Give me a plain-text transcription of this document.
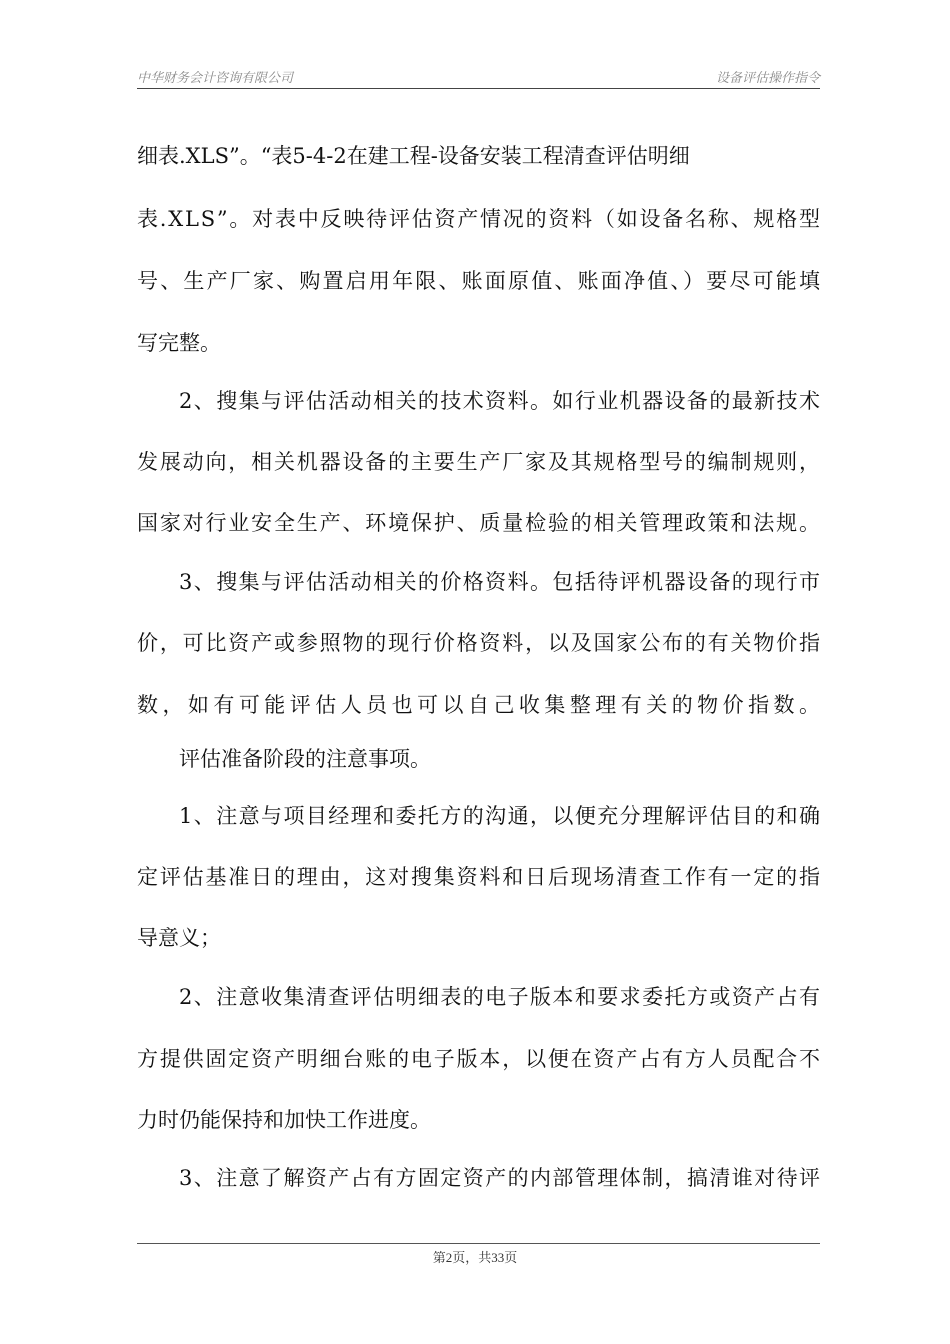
中华财务会计咨询有限公司	设备评估操作指令
细表.XLS”。“表5-4-2在建工程-设备安装工程清查评估明细
表.XLS”。对表中反映待评估资产情况的资料（如设备名称、规格型
号、生产厂家、购置启用年限、账面原值、账面净值、）要尽可能填
写完整。
2、搜集与评估活动相关的技术资料。如行业机器设备的最新技术
发展动向，相关机器设备的主要生产厂家及其规格型号的编制规则，
国家对行业安全生产、环境保护、质量检验的相关管理政策和法规。
3、搜集与评估活动相关的价格资料。包括待评机器设备的现行市
价，可比资产或参照物的现行价格资料，以及国家公布的有关物价指
数，如有可能评估人员也可以自己收集整理有关的物价指数。
评估准备阶段的注意事项。
1、注意与项目经理和委托方的沟通，以便充分理解评估目的和确
定评估基准日的理由，这对搜集资料和日后现场清查工作有一定的指
导意义；
2、注意收集清查评估明细表的电子版本和要求委托方或资产占有
方提供固定资产明细台账的电子版本，以便在资产占有方人员配合不
力时仍能保持和加快工作进度。
3、注意了解资产占有方固定资产的内部管理体制，搞清谁对待评
第2页，共33页
